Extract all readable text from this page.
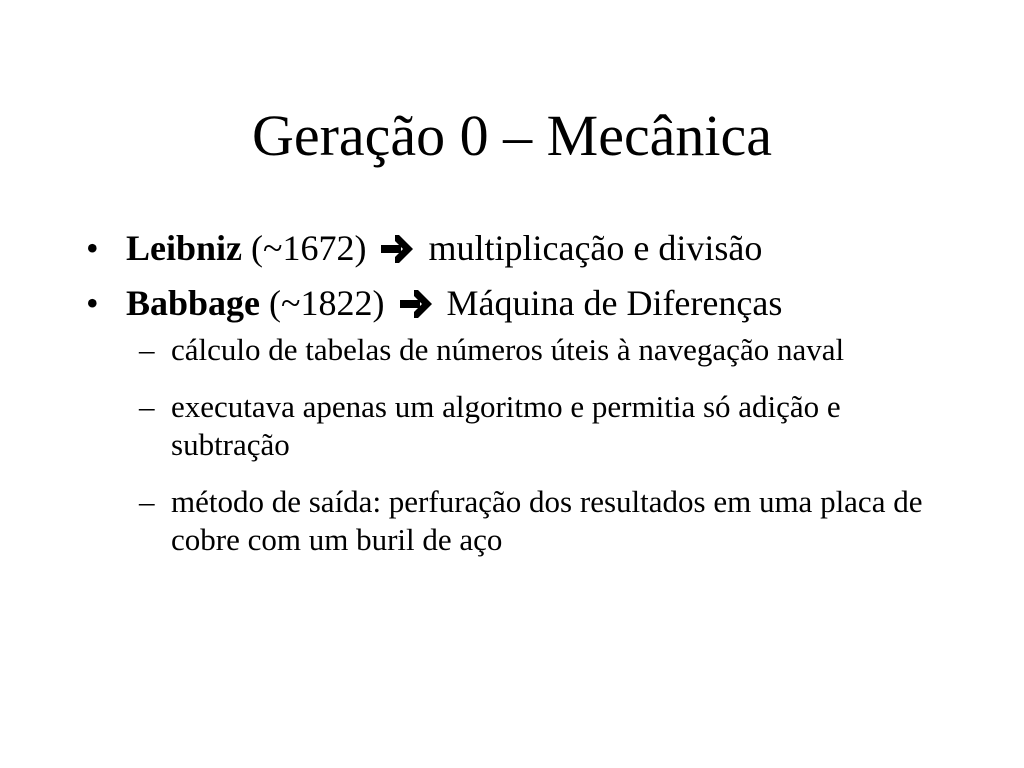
Geração 0 – Mecânica
• Leibniz (~1672) multiplicação e divisão
• Babbage (~1822) Máquina de Diferenças
– cálculo de tabelas de números úteis à navegação naval
– executava apenas um algoritmo e permitia só adição e subtração
– método de saída: perfuração dos resultados em uma placa de cobre com um buril de aço
